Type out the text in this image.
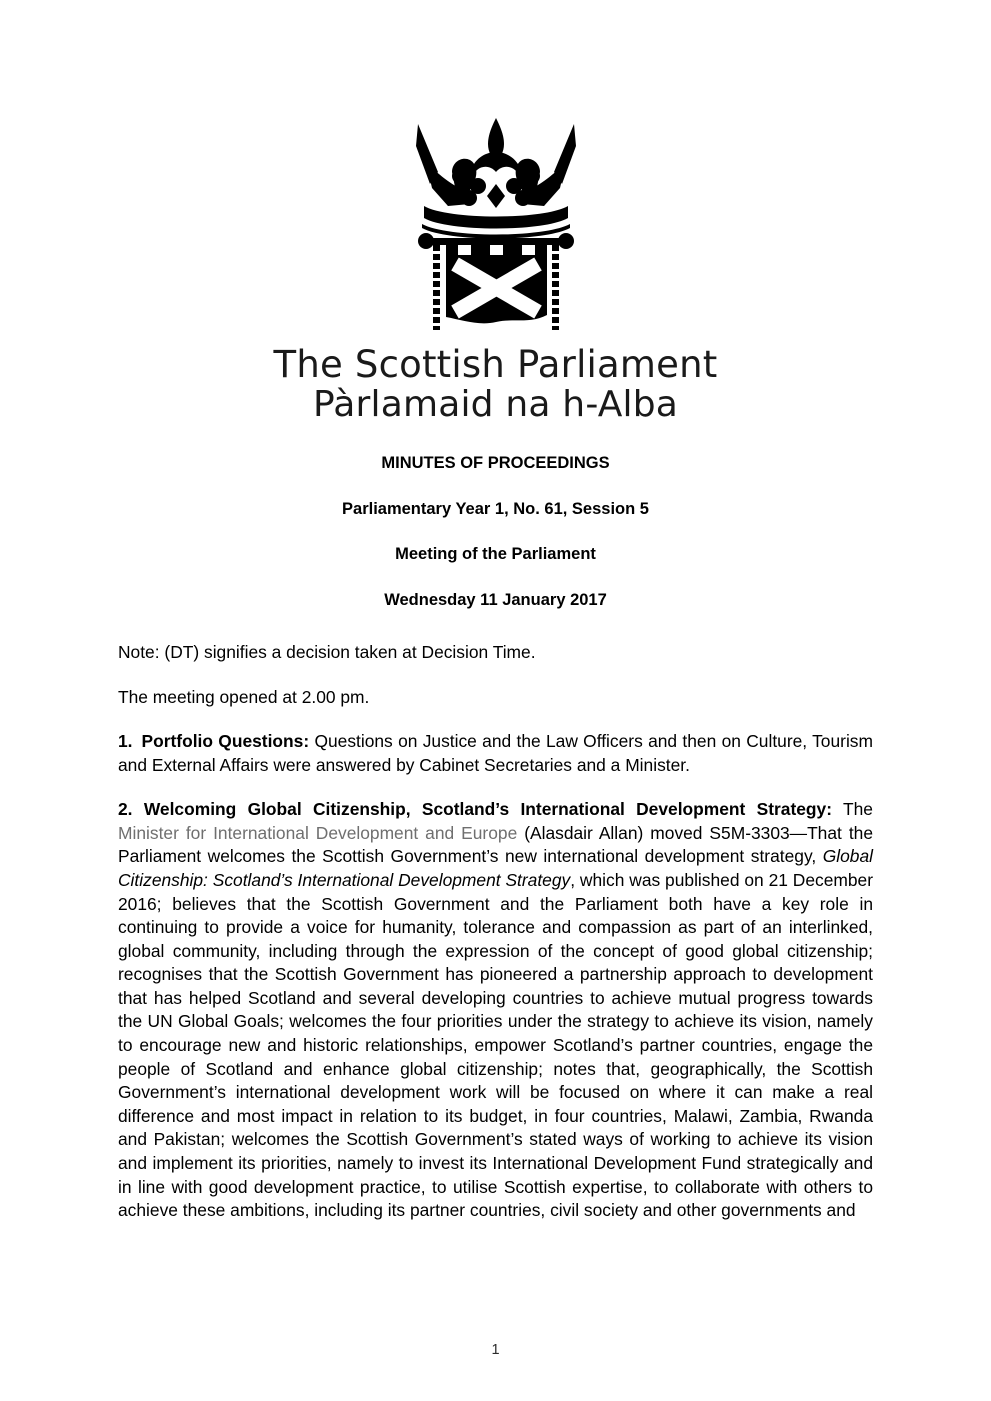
The Scottish Parliament
Pàrlamaid na h-Alba
MINUTES OF PROCEEDINGS
Parliamentary Year 1, No. 61, Session 5
Meeting of the Parliament
Wednesday 11 January 2017

Note: (DT) signifies a decision taken at Decision Time.

The meeting opened at 2.00 pm.

1. Portfolio Questions: Questions on Justice and the Law Officers and then on Culture, Tourism and External Affairs were answered by Cabinet Secretaries and a Minister.

2. Welcoming Global Citizenship, Scotland’s International Development Strategy: The Minister for International Development and Europe (Alasdair Allan) moved S5M-3303—That the Parliament welcomes the Scottish Government’s new international development strategy, Global Citizenship: Scotland’s International Development Strategy, which was published on 21 December 2016; believes that the Scottish Government and the Parliament both have a key role in continuing to provide a voice for humanity, tolerance and compassion as part of an interlinked, global community, including through the expression of the concept of good global citizenship; recognises that the Scottish Government has pioneered a partnership approach to development that has helped Scotland and several developing countries to achieve mutual progress towards the UN Global Goals; welcomes the four priorities under the strategy to achieve its vision, namely to encourage new and historic relationships, empower Scotland’s partner countries, engage the people of Scotland and enhance global citizenship; notes that, geographically, the Scottish Government’s international development work will be focused on where it can make a real difference and most impact in relation to its budget, in four countries, Malawi, Zambia, Rwanda and Pakistan; welcomes the Scottish Government’s stated ways of working to achieve its vision and implement its priorities, namely to invest its International Development Fund strategically and in line with good development practice, to utilise Scottish expertise, to collaborate with others to achieve these ambitions, including its partner countries, civil society and other governments and

1
